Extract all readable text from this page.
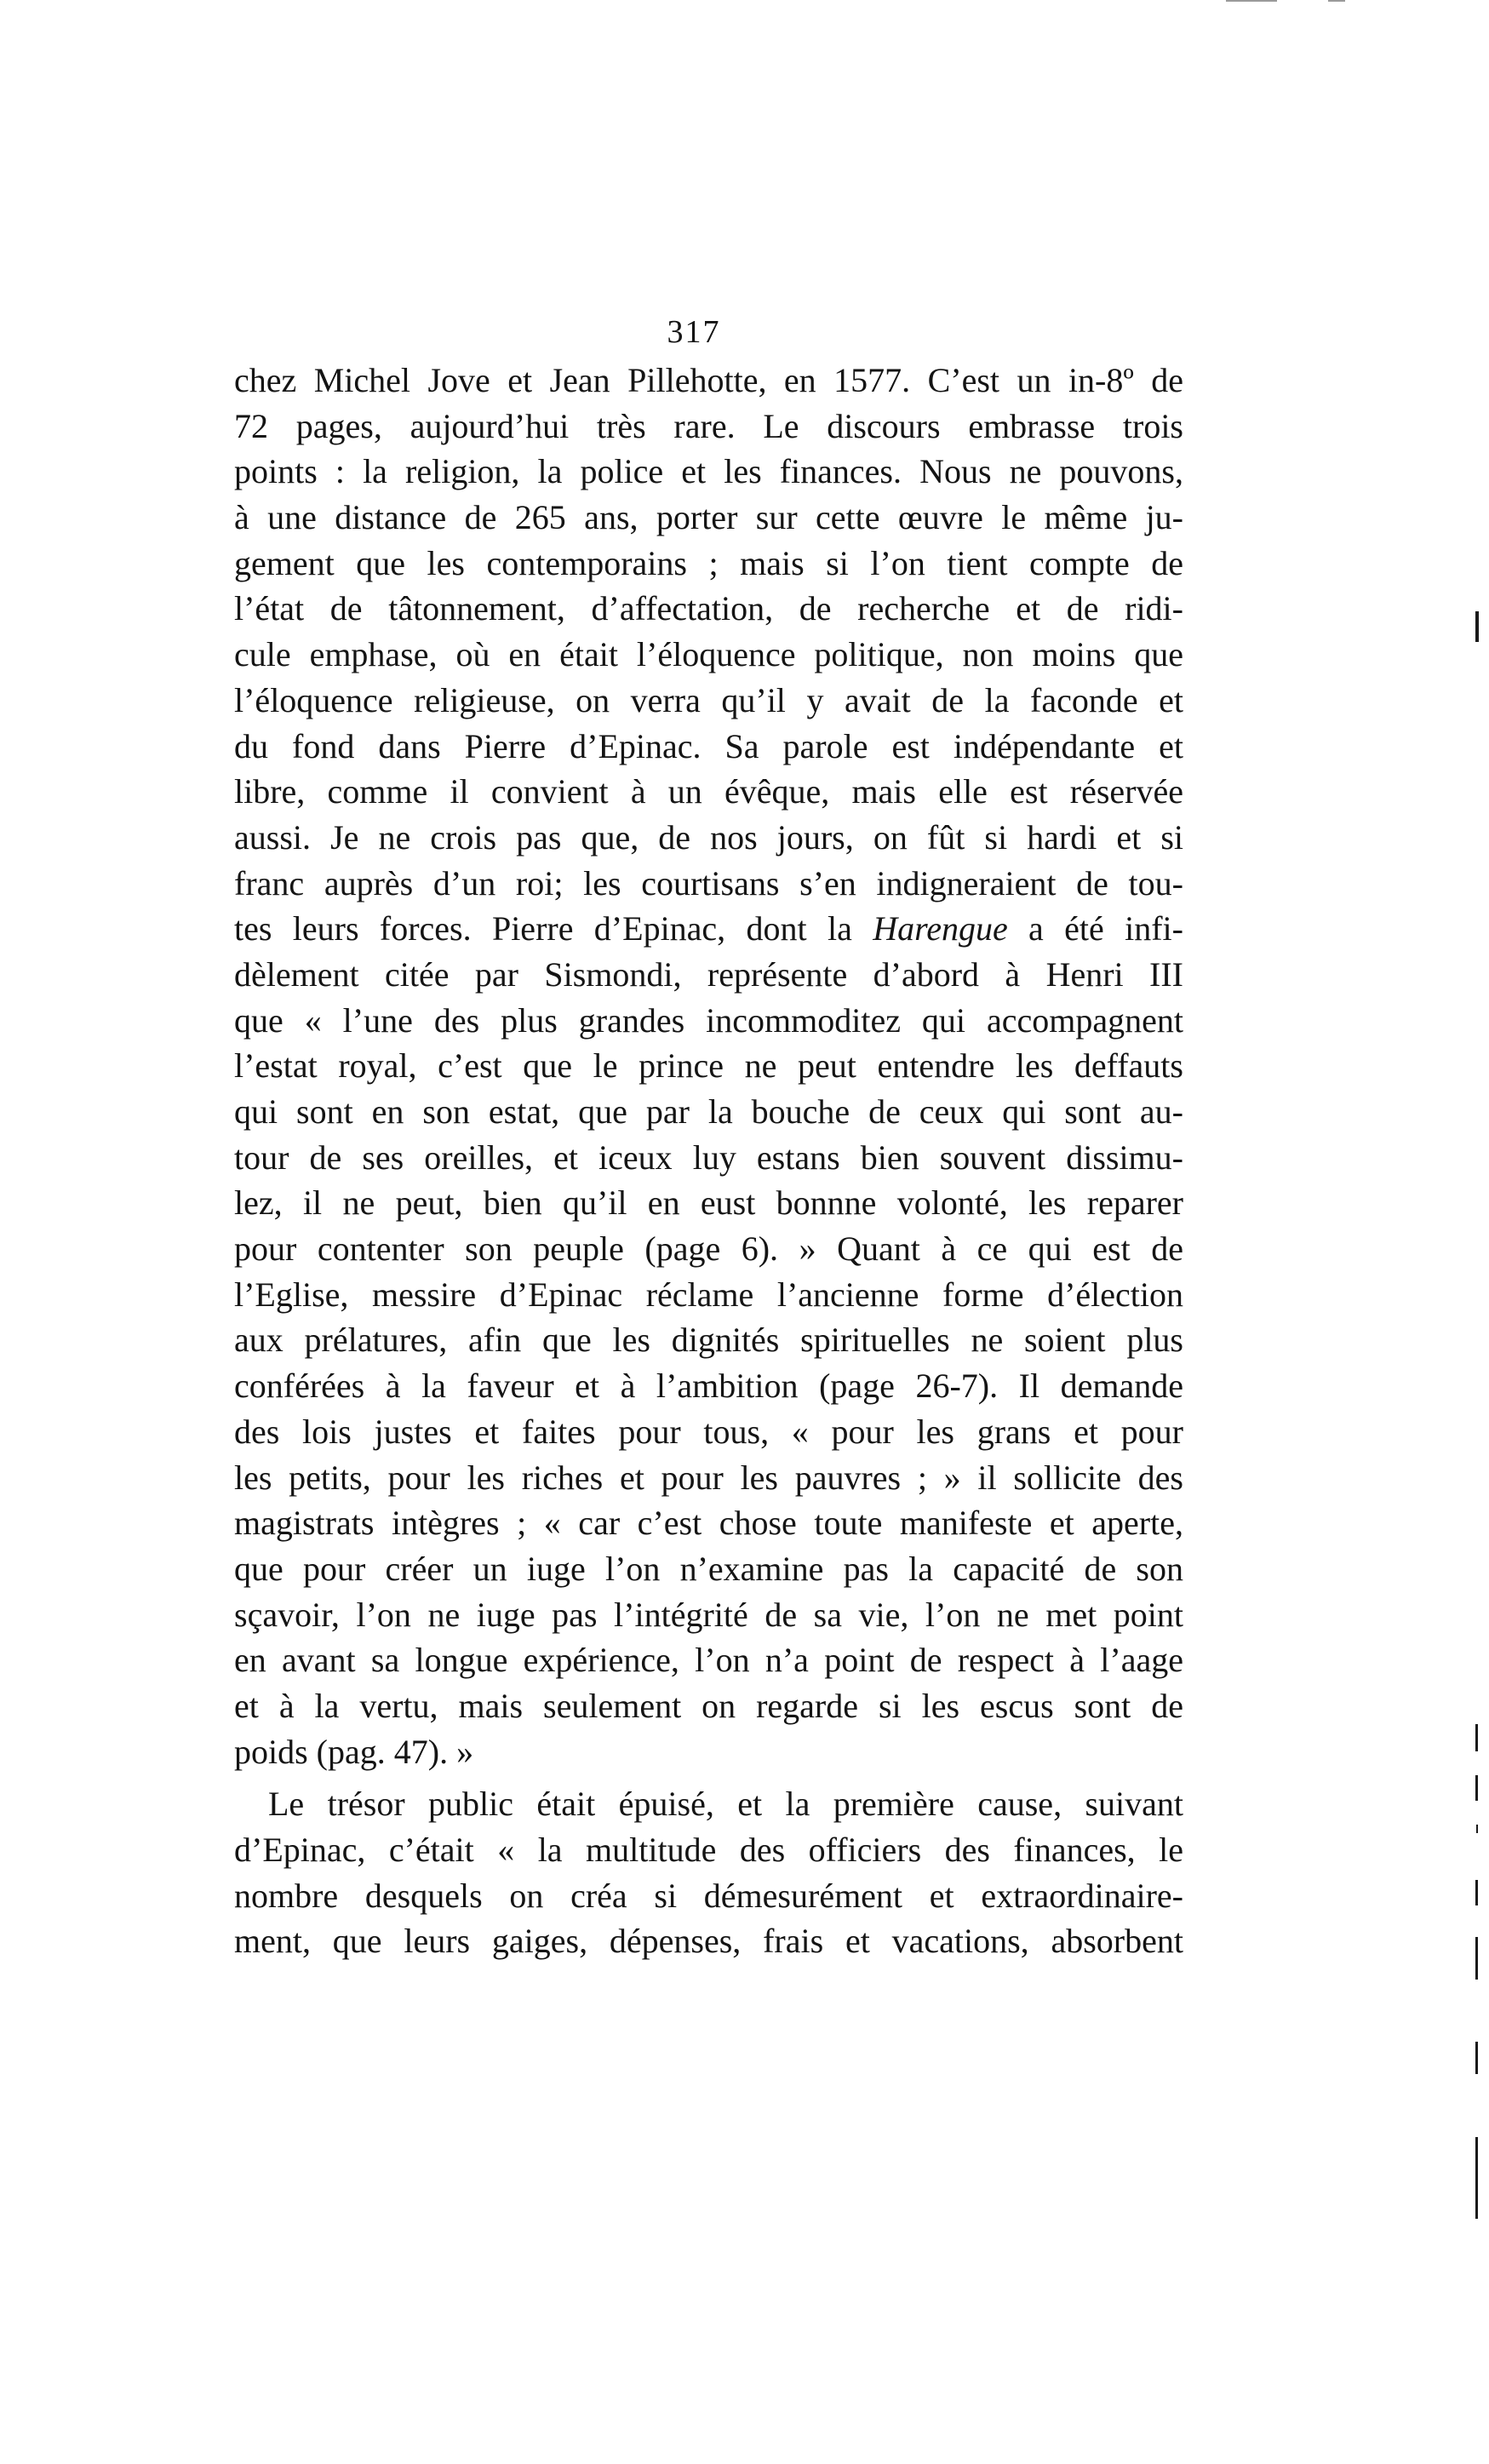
317
chez Michel Jove et Jean Pillehotte, en 1577. C’est un in-8º de
72 pages, aujourd’hui très rare. Le discours embrasse trois
points : la religion, la police et les finances. Nous ne pouvons,
à une distance de 265 ans, porter sur cette œuvre le même ju-
gement que les contemporains ; mais si l’on tient compte de
l’état de tâtonnement, d’affectation, de recherche et de ridi-
cule emphase, où en était l’éloquence politique, non moins que
l’éloquence religieuse, on verra qu’il y avait de la faconde et
du fond dans Pierre d’Epinac. Sa parole est indépendante et
libre, comme il convient à un évêque, mais elle est réservée
aussi. Je ne crois pas que, de nos jours, on fût si hardi et si
franc auprès d’un roi; les courtisans s’en indigneraient de tou-
tes leurs forces. Pierre d’Epinac, dont la Harengue a été infi-
dèlement citée par Sismondi, représente d’abord à Henri III
que « l’une des plus grandes incommoditez qui accompagnent
l’estat royal, c’est que le prince ne peut entendre les deffauts
qui sont en son estat, que par la bouche de ceux qui sont au-
tour de ses oreilles, et iceux luy estans bien souvent dissimu-
lez, il ne peut, bien qu’il en eust bonnne volonté, les reparer
pour contenter son peuple (page 6). » Quant à ce qui est de
l’Eglise, messire d’Epinac réclame l’ancienne forme d’élection
aux prélatures, afin que les dignités spirituelles ne soient plus
conférées à la faveur et à l’ambition (page 26-7). Il demande
des lois justes et faites pour tous, « pour les grans et pour
les petits, pour les riches et pour les pauvres ; » il sollicite des
magistrats intègres ; « car c’est chose toute manifeste et aperte,
que pour créer un iuge l’on n’examine pas la capacité de son
sçavoir, l’on ne iuge pas l’intégrité de sa vie, l’on ne met point
en avant sa longue expérience, l’on n’a point de respect à l’aage
et à la vertu, mais seulement on regarde si les escus sont de
poids (pag. 47). »
Le trésor public était épuisé, et la première cause, suivant
d’Epinac, c’était « la multitude des officiers des finances, le
nombre desquels on créa si démesurément et extraordinaire-
ment, que leurs gaiges, dépenses, frais et vacations, absorbent
